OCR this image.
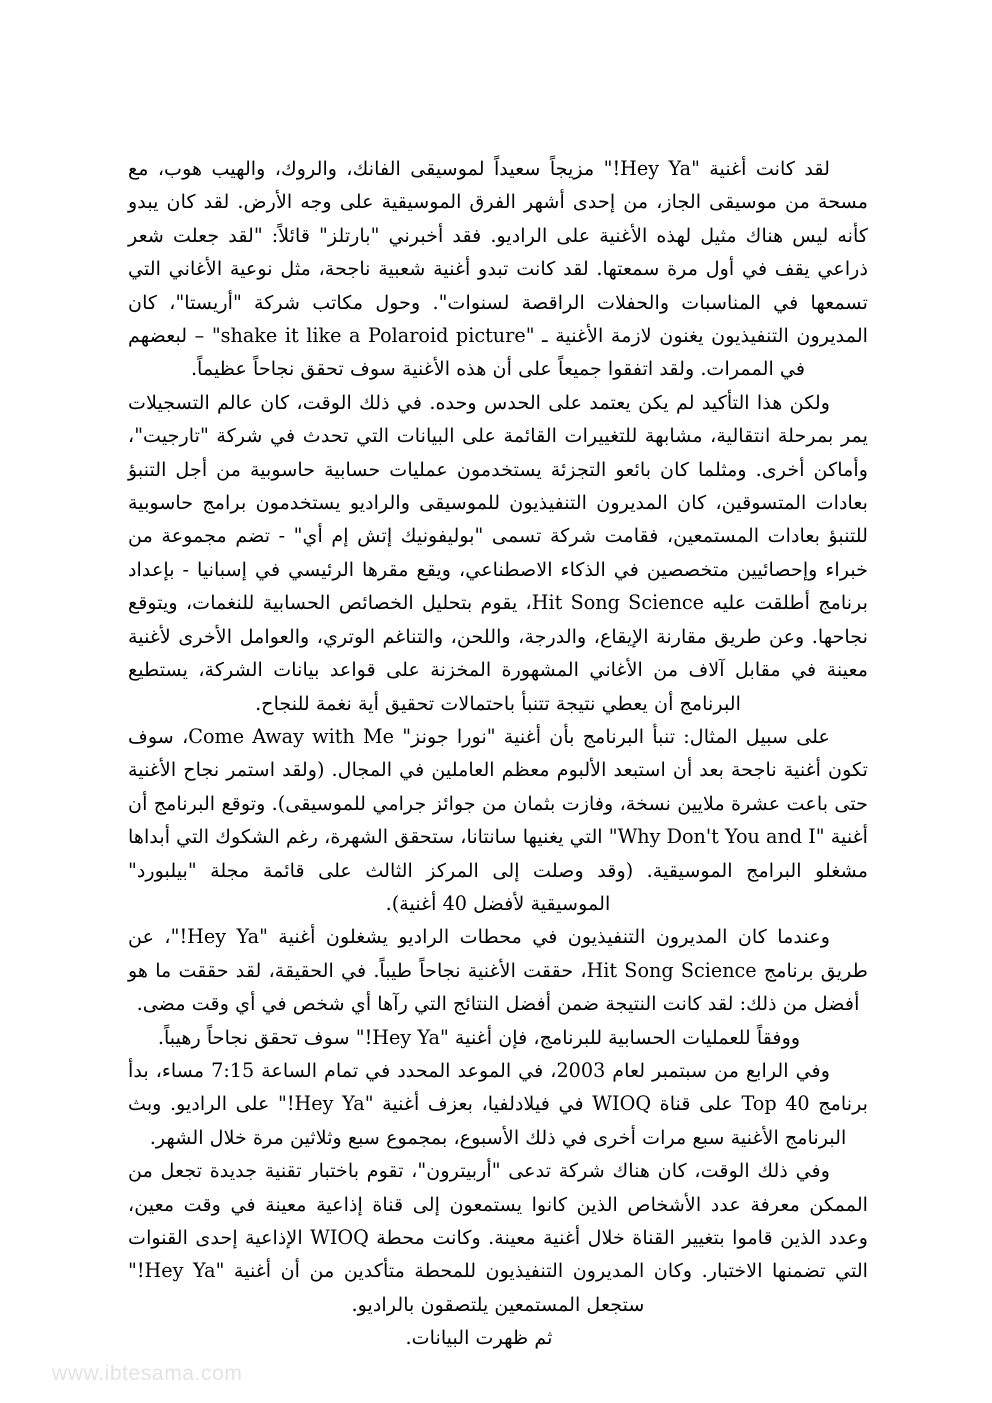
لقد كانت أغنية "Hey Ya!" مزيجاً سعيداً لموسيقى الفانك، والروك، والهيب هوب، مع مسحة من موسيقى الجاز، من إحدى أشهر الفرق الموسيقية على وجه الأرض. لقد كان يبدو كأنه ليس هناك مثيل لهذه الأغنية على الراديو. فقد أخبرني "بارتلز" قائلاً: "لقد جعلت شعر ذراعي يقف في أول مرة سمعتها. لقد كانت تبدو أغنية شعبية ناجحة، مثل نوعية الأغاني التي تسمعها في المناسبات والحفلات الراقصة لسنوات". وحول مكاتب شركة "أريستا"، كان المديرون التنفيذيون يغنون لازمة الأغنية ـ "shake it like a Polaroid picture" – لبعضهم في الممرات. ولقد اتفقوا جميعاً على أن هذه الأغنية سوف تحقق نجاحاً عظيماً.

ولكن هذا التأكيد لم يكن يعتمد على الحدس وحده. في ذلك الوقت، كان عالم التسجيلات يمر بمرحلة انتقالية، مشابهة للتغييرات القائمة على البيانات التي تحدث في شركة "تارجيت"، وأماكن أخرى. ومثلما كان بائعو التجزئة يستخدمون عمليات حسابية حاسوبية من أجل التنبؤ بعادات المتسوقين، كان المديرون التنفيذيون للموسيقى والراديو يستخدمون برامج حاسوبية للتنبؤ بعادات المستمعين، فقامت شركة تسمى "بوليفونيك إتش إم أي" - تضم مجموعة من خبراء وإحصائيين متخصصين في الذكاء الاصطناعي، ويقع مقرها الرئيسي في إسبانيا - بإعداد برنامج أطلقت عليه Hit Song Science، يقوم بتحليل الخصائص الحسابية للنغمات، ويتوقع نجاحها. وعن طريق مقارنة الإيقاع، والدرجة، واللحن، والتناغم الوتري، والعوامل الأخرى لأغنية معينة في مقابل آلاف من الأغاني المشهورة المخزنة على قواعد بيانات الشركة، يستطيع البرنامج أن يعطي نتيجة تتنبأ باحتمالات تحقيق أية نغمة للنجاح.

على سبيل المثال: تنبأ البرنامج بأن أغنية "نورا جونز" Come Away with Me، سوف تكون أغنية ناجحة بعد أن استبعد الألبوم معظم العاملين في المجال. (ولقد استمر نجاح الأغنية حتى باعت عشرة ملايين نسخة، وفازت بثمان من جوائز جرامي للموسيقى). وتوقع البرنامج أن أغنية "Why Don't You and I" التي يغنيها سانتانا، ستحقق الشهرة، رغم الشكوك التي أبداها مشغلو البرامج الموسيقية. (وقد وصلت إلى المركز الثالث على قائمة مجلة "بيلبورد" الموسيقية لأفضل 40 أغنية).

وعندما كان المديرون التنفيذيون في محطات الراديو يشغلون أغنية "Hey Ya!"، عن طريق برنامج Hit Song Science، حققت الأغنية نجاحاً طيباً. في الحقيقة، لقد حققت ما هو أفضل من ذلك: لقد كانت النتيجة ضمن أفضل النتائج التي رآها أي شخص في أي وقت مضى.

ووفقاً للعمليات الحسابية للبرنامج، فإن أغنية "Hey Ya!" سوف تحقق نجاحاً رهيباً.

وفي الرابع من سبتمبر لعام 2003، في الموعد المحدد في تمام الساعة 7:15 مساء، بدأ برنامج Top 40 على قناة WIOQ في فيلادلفيا، بعزف أغنية "Hey Ya!" على الراديو. وبث البرنامج الأغنية سبع مرات أخرى في ذلك الأسبوع، بمجموع سبع وثلاثين مرة خلال الشهر.

وفي ذلك الوقت، كان هناك شركة تدعى "أربيترون"، تقوم باختبار تقنية جديدة تجعل من الممكن معرفة عدد الأشخاص الذين كانوا يستمعون إلى قناة إذاعية معينة في وقت معين، وعدد الذين قاموا بتغيير القناة خلال أغنية معينة. وكانت محطة WIOQ الإذاعية إحدى القنوات التي تضمنها الاختبار. وكان المديرون التنفيذيون للمحطة متأكدين من أن أغنية "Hey Ya!" ستجعل المستمعين يلتصقون بالراديو.

ثم ظهرت البيانات.

www.ibtesama.com
